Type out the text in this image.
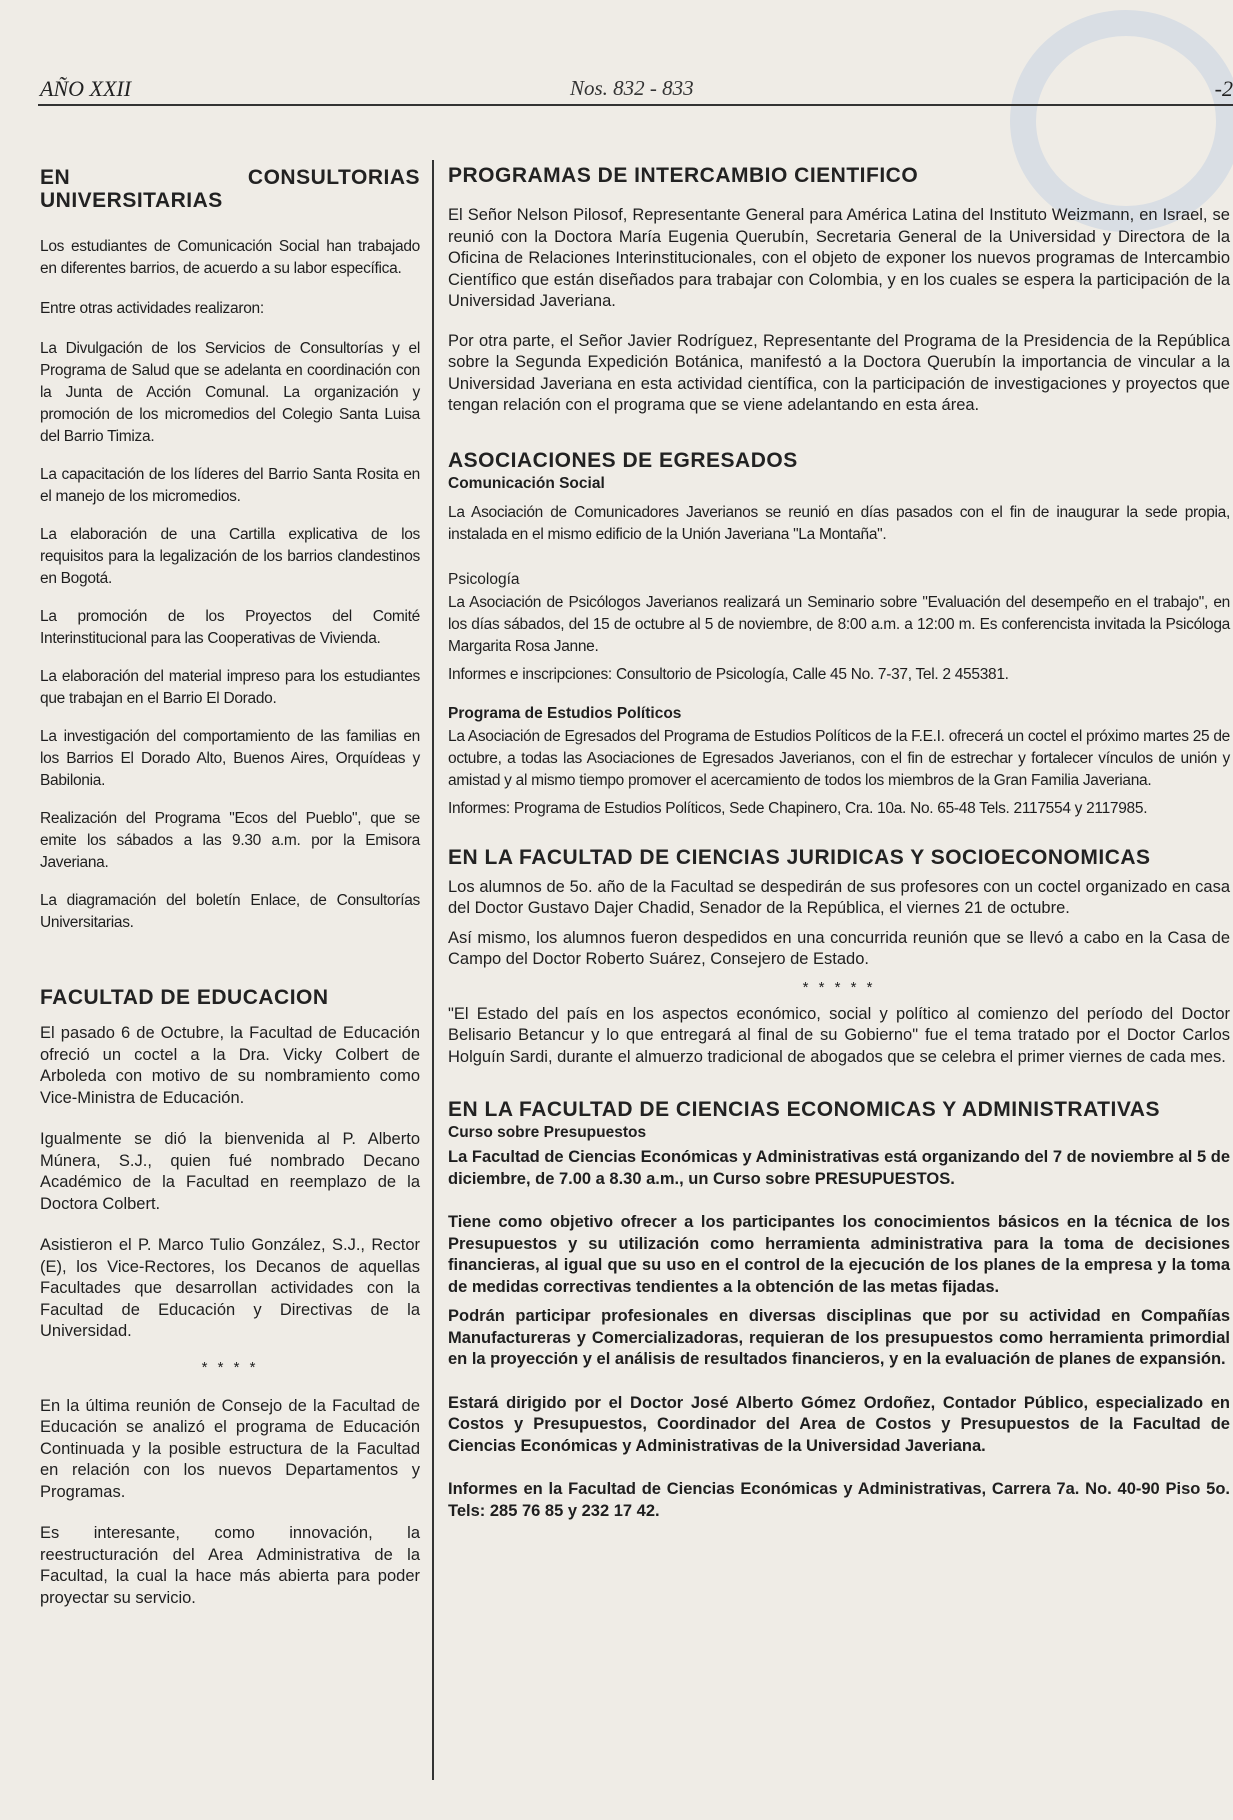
AÑO XXII	Nos. 832 - 833	-2
EN CONSULTORIAS UNIVERSITARIAS

Los estudiantes de Comunicación Social han trabajado en diferentes barrios, de acuerdo a su labor específica.

Entre otras actividades realizaron:

La Divulgación de los Servicios de Consultorías y el Programa de Salud que se adelanta en coordinación con la Junta de Acción Comunal. La organización y promoción de los micromedios del Colegio Santa Luisa del Barrio Timiza.

La capacitación de los líderes del Barrio Santa Rosita en el manejo de los micromedios.

La elaboración de una Cartilla explicativa de los requisitos para la legalización de los barrios clandestinos en Bogotá.

La promoción de los Proyectos del Comité Interinstitucional para las Cooperativas de Vivienda.

La elaboración del material impreso para los estudiantes que trabajan en el Barrio El Dorado.

La investigación del comportamiento de las familias en los Barrios El Dorado Alto, Buenos Aires, Orquídeas y Babilonia.

Realización del Programa "Ecos del Pueblo", que se emite los sábados a las 9.30 a.m. por la Emisora Javeriana.

La diagramación del boletín Enlace, de Consultorías Universitarias.

FACULTAD DE EDUCACION

El pasado 6 de Octubre, la Facultad de Educación ofreció un coctel a la Dra. Vicky Colbert de Arboleda con motivo de su nombramiento como Vice-Ministra de Educación.

Igualmente se dió la bienvenida al P. Alberto Múnera, S.J., quien fué nombrado Decano Académico de la Facultad en reemplazo de la Doctora Colbert.

Asistieron el P. Marco Tulio González, S.J., Rector (E), los Vice-Rectores, los Decanos de aquellas Facultades que desarrollan actividades con la Facultad de Educación y Directivas de la Universidad.

* * * *

En la última reunión de Consejo de la Facultad de Educación se analizó el programa de Educación Continuada y la posible estructura de la Facultad en relación con los nuevos Departamentos y Programas.

Es interesante, como innovación, la reestructuración del Area Administrativa de la Facultad, la cual la hace más abierta para poder proyectar su servicio.

PROGRAMAS DE INTERCAMBIO CIENTIFICO

El Señor Nelson Pilosof, Representante General para América Latina del Instituto Weizmann, en Israel, se reunió con la Doctora María Eugenia Querubín, Secretaria General de la Universidad y Directora de la Oficina de Relaciones Interinstitucionales, con el objeto de exponer los nuevos programas de Intercambio Científico que están diseñados para trabajar con Colombia, y en los cuales se espera la participación de la Universidad Javeriana.

Por otra parte, el Señor Javier Rodríguez, Representante del Programa de la Presidencia de la República sobre la Segunda Expedición Botánica, manifestó a la Doctora Querubín la importancia de vincular a la Universidad Javeriana en esta actividad científica, con la participación de investigaciones y proyectos que tengan relación con el programa que se viene adelantando en esta área.

ASOCIACIONES DE EGRESADOS

Comunicación Social

La Asociación de Comunicadores Javerianos se reunió en días pasados con el fin de inaugurar la sede propia, instalada en el mismo edificio de la Unión Javeriana "La Montaña".

Psicología

La Asociación de Psicólogos Javerianos realizará un Seminario sobre "Evaluación del desempeño en el trabajo", en los días sábados, del 15 de octubre al 5 de noviembre, de 8:00 a.m. a 12:00 m. Es conferencista invitada la Psicóloga Margarita Rosa Janne.

Informes e inscripciones: Consultorio de Psicología, Calle 45 No. 7-37, Tel. 2 455381.

Programa de Estudios Políticos

La Asociación de Egresados del Programa de Estudios Políticos de la F.E.I. ofrecerá un coctel el próximo martes 25 de octubre, a todas las Asociaciones de Egresados Javerianos, con el fin de estrechar y fortalecer vínculos de unión y amistad y al mismo tiempo promover el acercamiento de todos los miembros de la Gran Familia Javeriana.

Informes: Programa de Estudios Políticos, Sede Chapinero, Cra. 10a. No. 65-48 Tels. 2117554 y 2117985.

EN LA FACULTAD DE CIENCIAS JURIDICAS Y SOCIOECONOMICAS

Los alumnos de 5o. año de la Facultad se despedirán de sus profesores con un coctel organizado en casa del Doctor Gustavo Dajer Chadid, Senador de la República, el viernes 21 de octubre.

Así mismo, los alumnos fueron despedidos en una concurrida reunión que se llevó a cabo en la Casa de Campo del Doctor Roberto Suárez, Consejero de Estado.

* * * * *

"El Estado del país en los aspectos económico, social y político al comienzo del período del Doctor Belisario Betancur y lo que entregará al final de su Gobierno" fue el tema tratado por el Doctor Carlos Holguín Sardi, durante el almuerzo tradicional de abogados que se celebra el primer viernes de cada mes.

EN LA FACULTAD DE CIENCIAS ECONOMICAS Y ADMINISTRATIVAS

Curso sobre Presupuestos

La Facultad de Ciencias Económicas y Administrativas está organizando del 7 de noviembre al 5 de diciembre, de 7.00 a 8.30 a.m., un Curso sobre PRESUPUESTOS.

Tiene como objetivo ofrecer a los participantes los conocimientos básicos en la técnica de los Presupuestos y su utilización como herramienta administrativa para la toma de decisiones financieras, al igual que su uso en el control de la ejecución de los planes de la empresa y la toma de medidas correctivas tendientes a la obtención de las metas fijadas.

Podrán participar profesionales en diversas disciplinas que por su actividad en Compañías Manufactureras y Comercializadoras, requieran de los presupuestos como herramienta primordial en la proyección y el análisis de resultados financieros, y en la evaluación de planes de expansión.

Estará dirigido por el Doctor José Alberto Gómez Ordoñez, Contador Público, especializado en Costos y Presupuestos, Coordinador del Area de Costos y Presupuestos de la Facultad de Ciencias Económicas y Administrativas de la Universidad Javeriana.

Informes en la Facultad de Ciencias Económicas y Administrativas, Carrera 7a. No. 40-90 Piso 5o. Tels: 285 76 85 y 232 17 42.
